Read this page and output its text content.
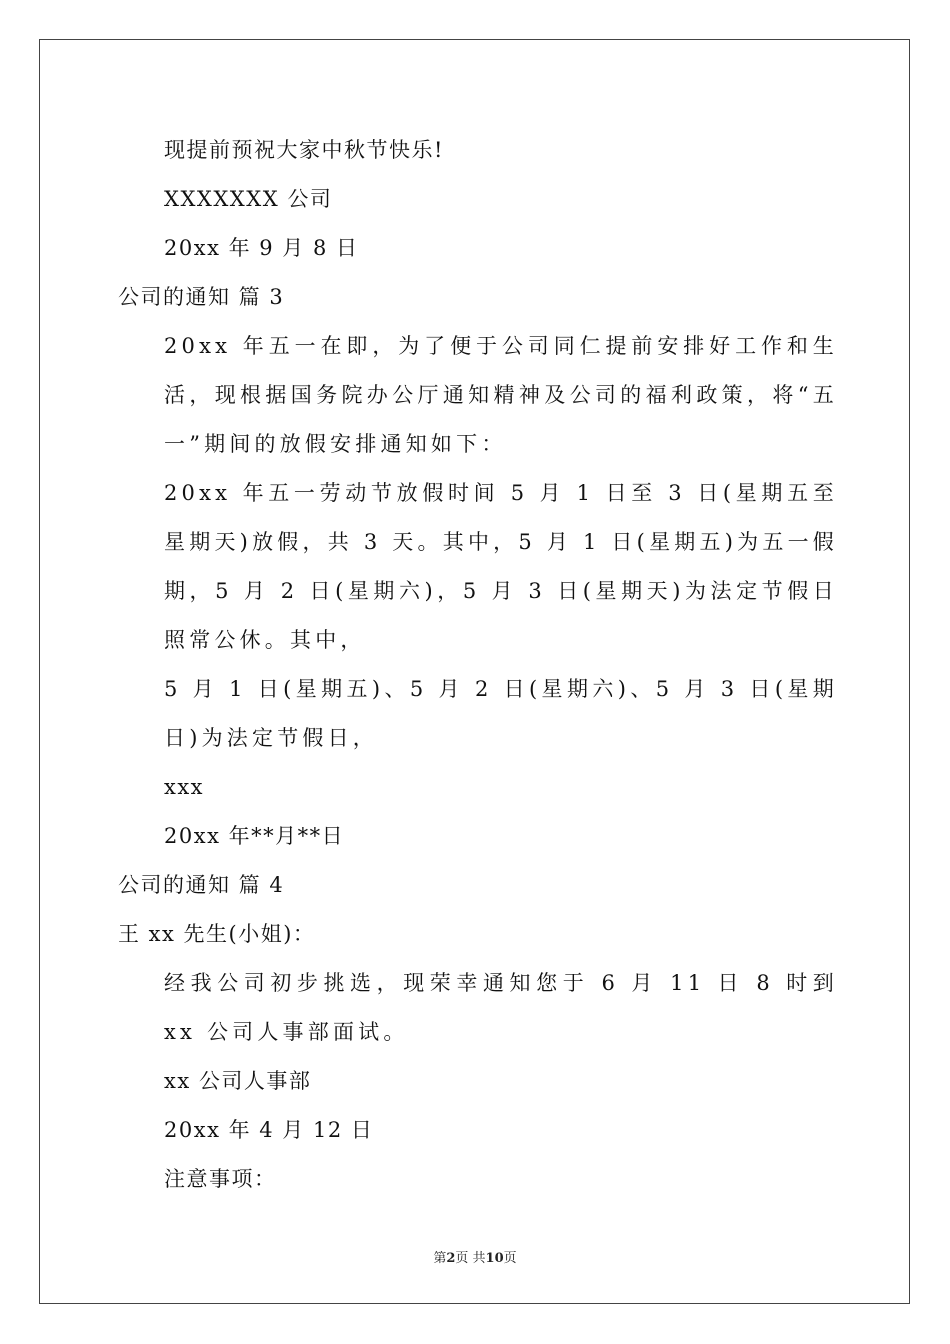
现提前预祝大家中秋节快乐!
XXXXXXX 公司
20xx 年 9 月 8 日
公司的通知 篇 3

20xx 年五一在即，为了便于公司同仁提前安排好工作和生活，现根据国务院办公厅通知精神及公司的福利政策，将“五一”期间的放假安排通知如下：

20xx 年五一劳动节放假时间 5 月 1 日至 3 日(星期五至星期天)放假，共 3 天。其中，5 月 1 日(星期五)为五一假期，5 月 2 日(星期六)，5 月 3 日(星期天)为法定节假日照常公休。其中，

5 月 1 日(星期五)、5 月 2 日(星期六)、5 月 3 日(星期日)为法定节假日，

xxx
20xx 年**月**日
公司的通知 篇 4
王 xx 先生(小姐)：

经我公司初步挑选，现荣幸通知您于 6 月 11 日 8 时到 xx 公司人事部面试。

xx 公司人事部
20xx 年 4 月 12 日
注意事项：
第2页 共10页
